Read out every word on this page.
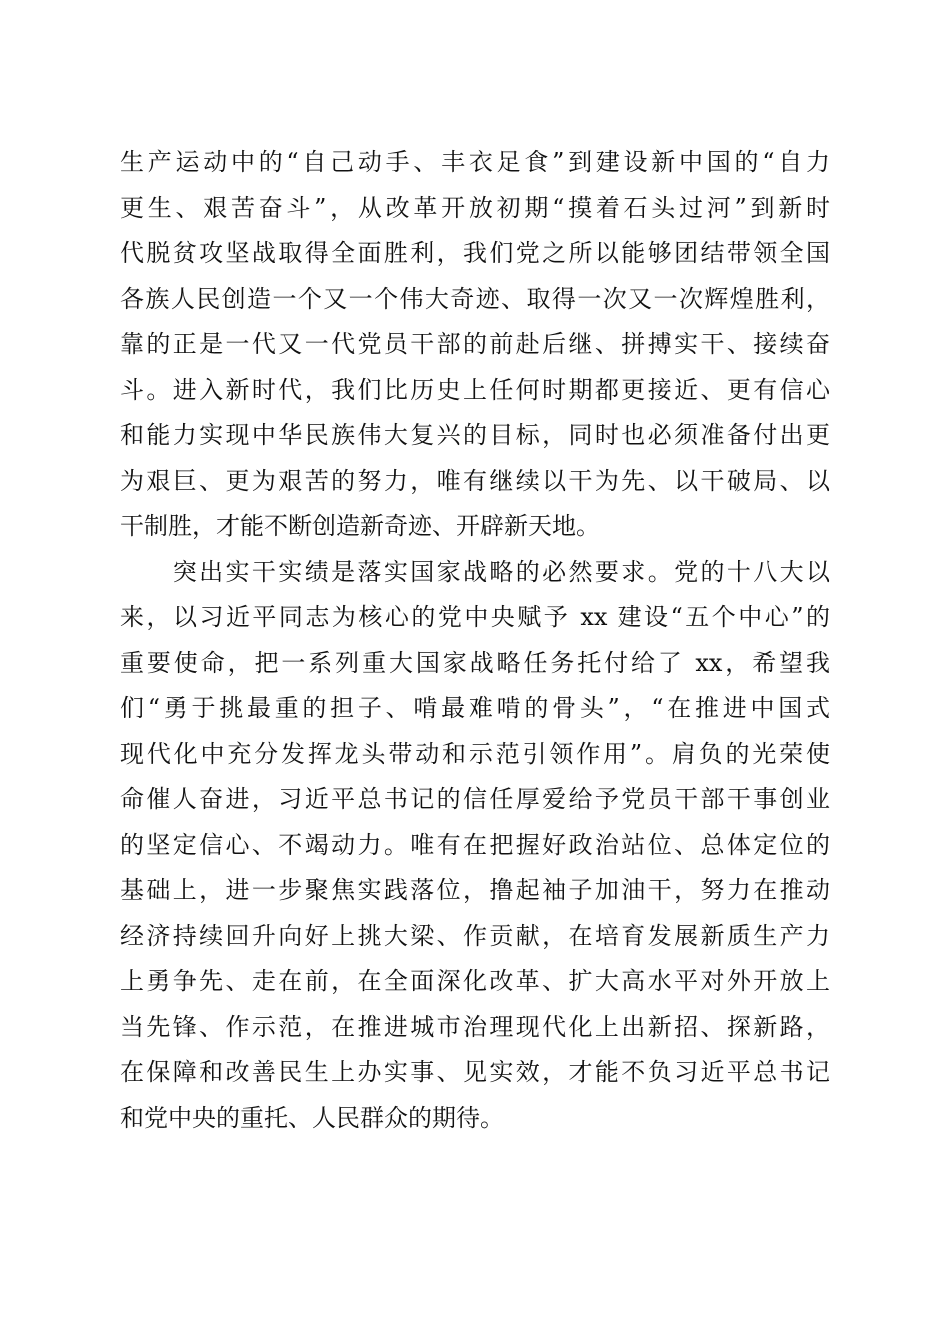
生产运动中的“自己动手、丰衣足食”到建设新中国的“自力
更生、艰苦奋斗”，从改革开放初期“摸着石头过河”到新时
代脱贫攻坚战取得全面胜利，我们党之所以能够团结带领全国
各族人民创造一个又一个伟大奇迹、取得一次又一次辉煌胜利，
靠的正是一代又一代党员干部的前赴后继、拼搏实干、接续奋
斗。进入新时代，我们比历史上任何时期都更接近、更有信心
和能力实现中华民族伟大复兴的目标，同时也必须准备付出更
为艰巨、更为艰苦的努力，唯有继续以干为先、以干破局、以
干制胜，才能不断创造新奇迹、开辟新天地。
　　突出实干实绩是落实国家战略的必然要求。党的十八大以
来，以习近平同志为核心的党中央赋予 xx 建设“五个中心”的
重要使命，把一系列重大国家战略任务托付给了 xx，希望我
们“勇于挑最重的担子、啃最难啃的骨头”，“在推进中国式
现代化中充分发挥龙头带动和示范引领作用”。肩负的光荣使
命催人奋进，习近平总书记的信任厚爱给予党员干部干事创业
的坚定信心、不竭动力。唯有在把握好政治站位、总体定位的
基础上，进一步聚焦实践落位，撸起袖子加油干，努力在推动
经济持续回升向好上挑大梁、作贡献，在培育发展新质生产力
上勇争先、走在前，在全面深化改革、扩大高水平对外开放上
当先锋、作示范，在推进城市治理现代化上出新招、探新路，
在保障和改善民生上办实事、见实效，才能不负习近平总书记
和党中央的重托、人民群众的期待。
